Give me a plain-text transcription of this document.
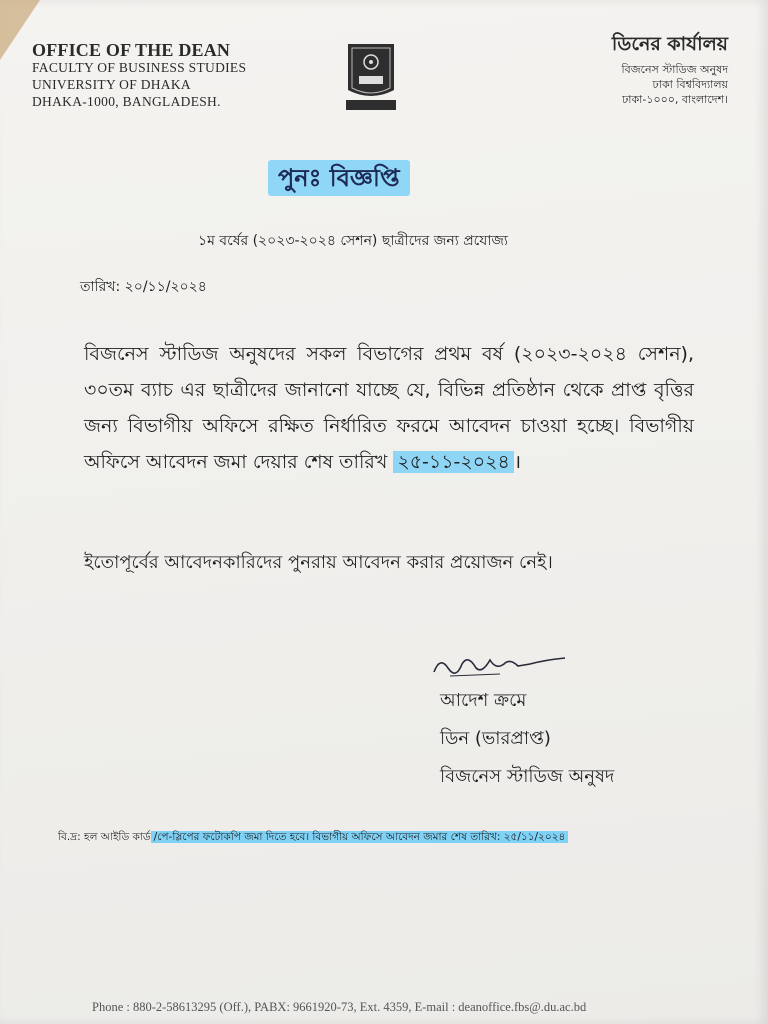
OFFICE OF THE DEAN
FACULTY OF BUSINESS STUDIES
UNIVERSITY OF DHAKA
DHAKA-1000, BANGLADESH.
ডিনের কার্যালয়
বিজনেস স্টাডিজ অনুষদ
ঢাকা বিশ্ববিদ্যালয়
ঢাকা-১০০০, বাংলাদেশ।
পুনঃ বিজ্ঞপ্তি
১ম বর্ষের (২০২৩-২০২৪ সেশন) ছাত্রীদের জন্য প্রযোজ্য
তারিখ: ২০/১১/২০২৪
বিজনেস স্টাডিজ অনুষদের সকল বিভাগের প্রথম বর্ষ (২০২৩-২০২৪ সেশন), ৩০তম ব্যাচ এর ছাত্রীদের জানানো যাচ্ছে যে, বিভিন্ন প্রতিষ্ঠান থেকে প্রাপ্ত বৃত্তির জন্য বিভাগীয় অফিসে রক্ষিত নির্ধারিত ফরমে আবেদন চাওয়া হচ্ছে। বিভাগীয় অফিসে আবেদন জমা দেয়ার শেষ তারিখ ২৫-১১-২০২৪ ।
ইতোপূর্বের আবেদনকারিদের পুনরায় আবেদন করার প্রয়োজন নেই।
আদেশ ক্রমে
ডিন (ভারপ্রাপ্ত)
বিজনেস স্টাডিজ অনুষদ
বি.দ্র: হল আইডি কার্ড /পে-স্লিপের ফটোকপি জমা দিতে হবে। বিভাগীয় অফিসে আবেদন জমার শেষ তারিখ: ২৫/১১/২০২৪
Phone : 880-2-58613295 (Off.), PABX: 9661920-73, Ext. 4359, E-mail : deanoffice.fbs@.du.ac.bd
